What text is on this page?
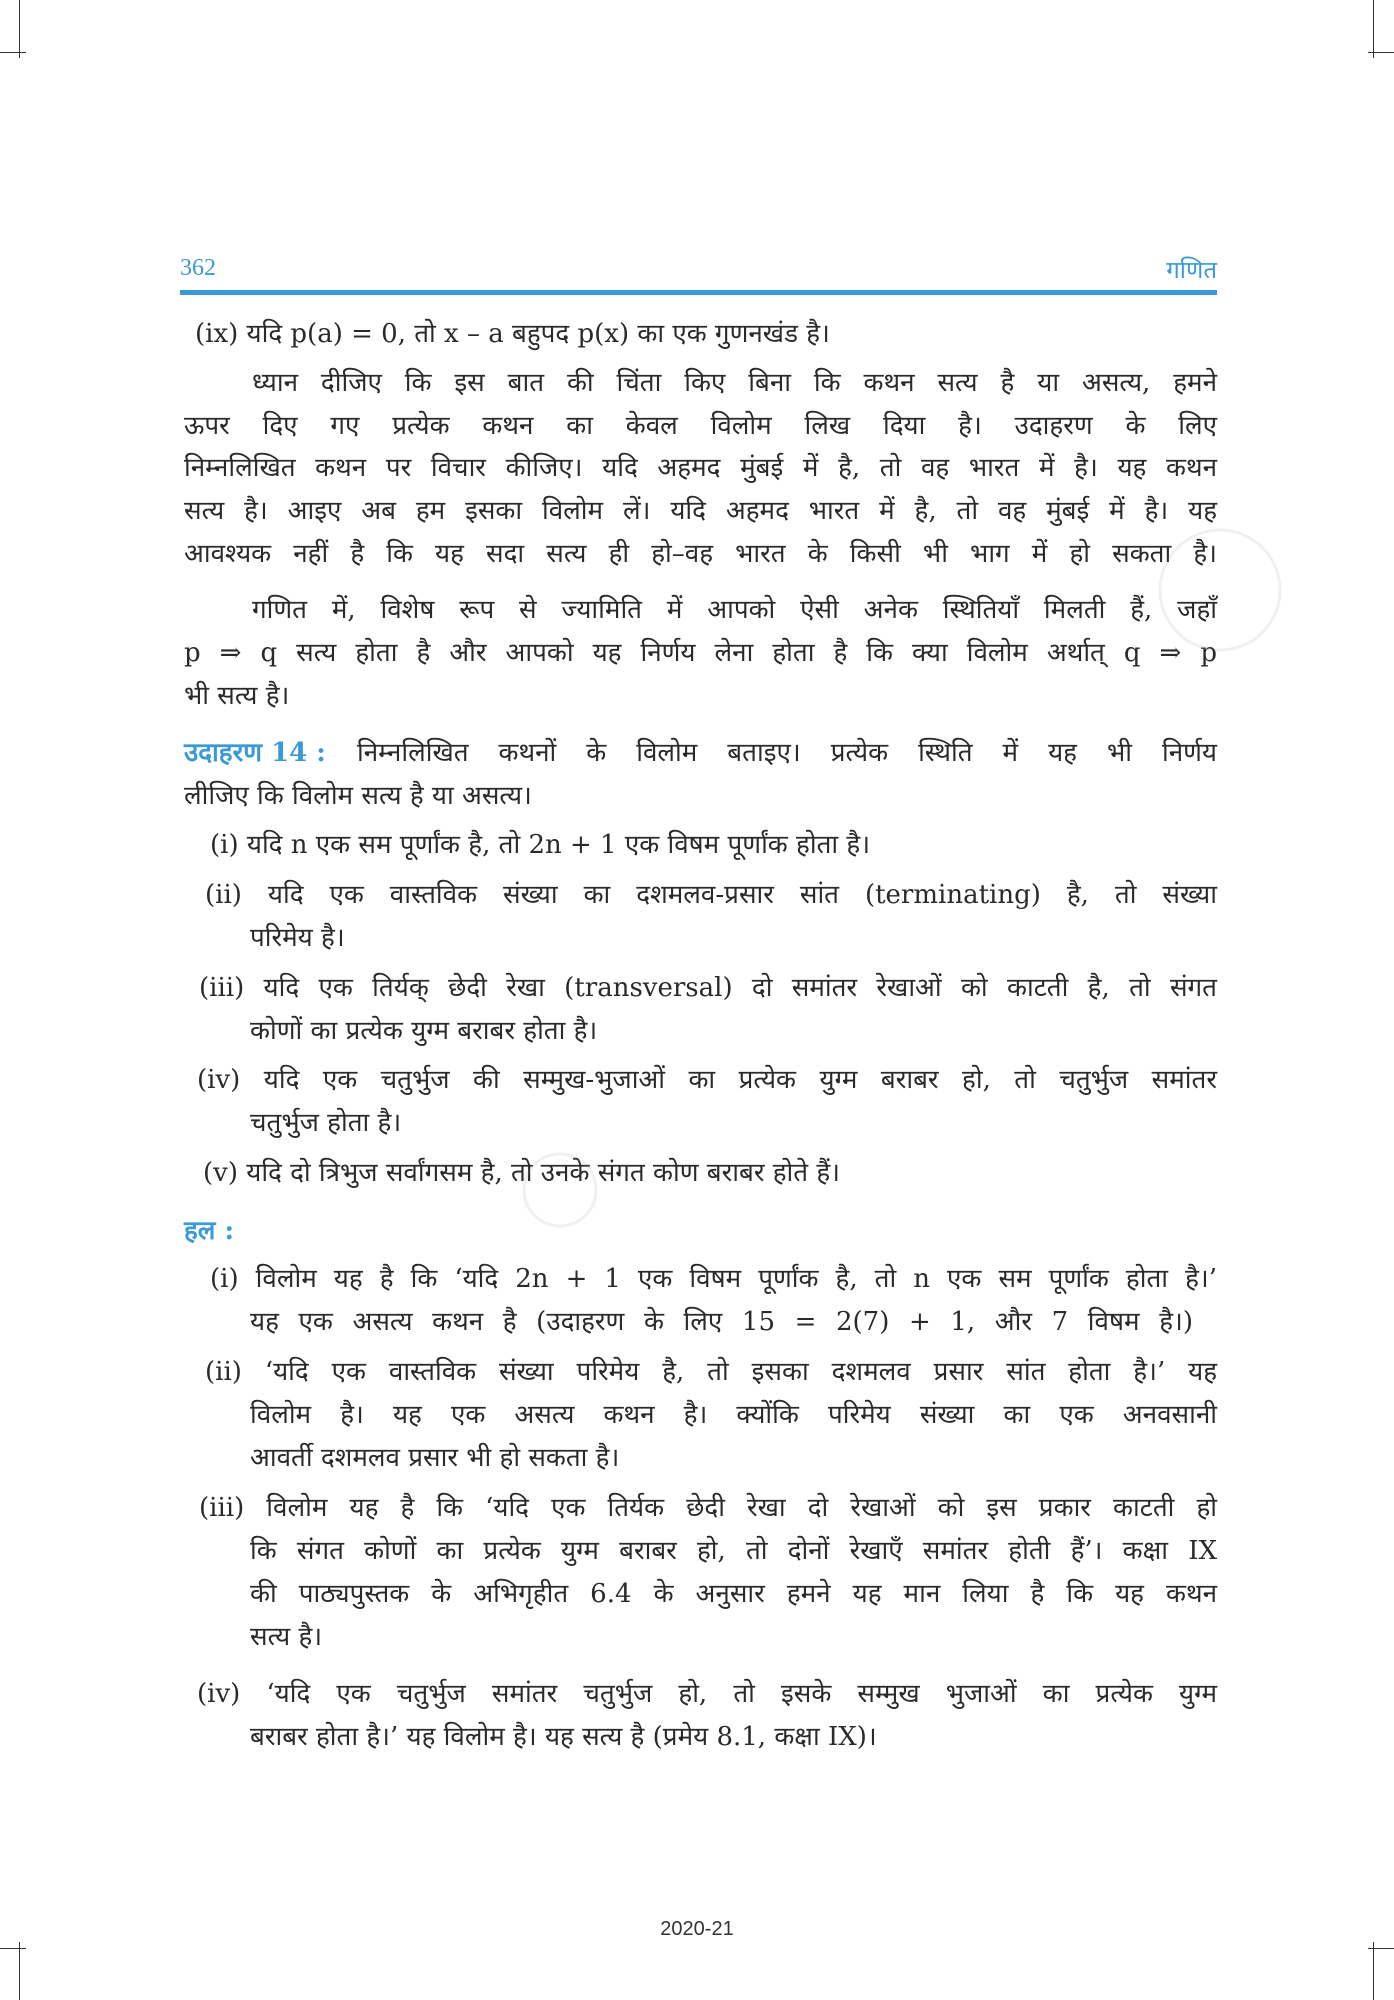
362	गणित
(ix) यदि p(a) = 0, तो x – a बहुपद p(x) का एक गुणनखंड है।
ध्यान दीजिए कि इस बात की चिंता किए बिना कि कथन सत्य है या असत्य, हमने
ऊपर दिए गए प्रत्येक कथन का केवल विलोम लिख दिया है। उदाहरण के लिए
निम्नलिखित कथन पर विचार कीजिए। यदि अहमद मुंबई में है, तो वह भारत में है। यह कथन
सत्य है। आइए अब हम इसका विलोम लें। यदि अहमद भारत में है, तो वह मुंबई में है। यह
आवश्यक नहीं है कि यह सदा सत्य ही हो–वह भारत के किसी भी भाग में हो सकता है।
गणित में, विशेष रूप से ज्यामिति में आपको ऐसी अनेक स्थितियाँ मिलती हैं, जहाँ
p ⇒ q सत्य होता है और आपको यह निर्णय लेना होता है कि क्या विलोम अर्थात् q ⇒ p
भी सत्य है।
उदाहरण 14 : निम्नलिखित कथनों के विलोम बताइए। प्रत्येक स्थिति में यह भी निर्णय
लीजिए कि विलोम सत्य है या असत्य।
(i) यदि n एक सम पूर्णांक है, तो 2n + 1 एक विषम पूर्णांक होता है।
(ii) यदि एक वास्तविक संख्या का दशमलव-प्रसार सांत (terminating) है, तो संख्या
परिमेय है।
(iii) यदि एक तिर्यक् छेदी रेखा (transversal) दो समांतर रेखाओं को काटती है, तो संगत
कोणों का प्रत्येक युग्म बराबर होता है।
(iv) यदि एक चतुर्भुज की सम्मुख-भुजाओं का प्रत्येक युग्म बराबर हो, तो चतुर्भुज समांतर
चतुर्भुज होता है।
(v) यदि दो त्रिभुज सर्वांगसम है, तो उनके संगत कोण बराबर होते हैं।
हल :
(i) विलोम यह है कि ‘यदि 2n + 1 एक विषम पूर्णांक है, तो n एक सम पूर्णांक होता है।’
यह एक असत्य कथन है (उदाहरण के लिए 15 = 2(7) + 1, और 7 विषम है।)
(ii) ‘यदि एक वास्तविक संख्या परिमेय है, तो इसका दशमलव प्रसार सांत होता है।’ यह
विलोम है। यह एक असत्य कथन है। क्योंकि परिमेय संख्या का एक अनवसानी
आवर्ती दशमलव प्रसार भी हो सकता है।
(iii) विलोम यह है कि ‘यदि एक तिर्यक छेदी रेखा दो रेखाओं को इस प्रकार काटती हो
कि संगत कोणों का प्रत्येक युग्म बराबर हो, तो दोनों रेखाएँ समांतर होती हैं’। कक्षा IX
की पाठ्यपुस्तक के अभिगृहीत 6.4 के अनुसार हमने यह मान लिया है कि यह कथन
सत्य है।
(iv) ‘यदि एक चतुर्भुज समांतर चतुर्भुज हो, तो इसके सम्मुख भुजाओं का प्रत्येक युग्म
बराबर होता है।’ यह विलोम है। यह सत्य है (प्रमेय 8.1, कक्षा IX)।
2020-21
